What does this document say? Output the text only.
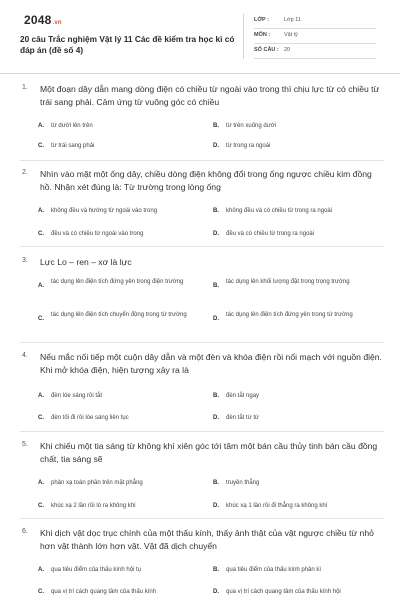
2048.vn
20 câu Trắc nghiệm Vật lý 11 Các đề kiểm tra học kì có đáp án (đề số 4)
LỚP :	Lớp 11
MÔN :	Vật lý
SỐ CÂU : 20
1. Một đoạn dây dẫn mang dòng điện có chiều từ ngoài vào trong thì chịu lực từ có chiều từ trái sang phải. Cảm ứng từ vuông góc có chiều
A. từ dưới lên trên	B. từ trên xuống dưới
C. từ trái sang phải	D. từ trong ra ngoài
2. Nhìn vào mặt một ống dây, chiều dòng điện không đổi trong ống ngược chiều kim đồng hồ. Nhận xét đúng là: Từ trường trong lòng ống
A. không đều và hướng từ ngoài vào trong	B. không đều và có chiều từ trong ra ngoài
C. đều và có chiều từ ngoài vào trong	D. đều và có chiều từ trong ra ngoài
3. Lực Lo – ren – xơ là lực
A.
tác dụng lên điện tích đứng yên trong điện trường
B.
tác dụng lên khối lượng đặt trong trọng trường
C.
tác dụng lên điện tích chuyển động trong từ trường
D.
tác dụng lên điện tích đứng yên trong từ trường
4. Nếu mắc nối tiếp một cuộn dây dẫn và một đèn và khóa điện rồi nối mạch với nguồn điện. Khi mở khóa điện, hiện tượng xảy ra là
A. đèn lóe sáng rồi tắt	B. đèn tắt ngay
C. đèn tối đi rồi lóe sáng liên tục	D. đèn tắt từ từ
5. Khi chiếu một tia sáng từ không khí xiên góc tới tâm một bán cầu thủy tinh bán cầu đồng chất, tia sáng sẽ
A. phản xạ toàn phần trên mặt phẳng	B. truyền thẳng
C. khúc xạ 2 lần rồi ló ra không khí	D. khúc xạ 1 lần rồi đi thẳng ra không khí
6. Khi dịch vật dọc trục chính của một thấu kính, thấy ảnh thật của vật ngược chiều từ nhỏ hơn vật thành lớn hơn vật. Vật đã dịch chuyển
A. qua tiêu điểm của thấu kính hội tụ	B. qua tiêu điểm của thấu kính phân kì
C. qua vị trí cách quang tâm của thấu kính	D. qua vị trí cách quang tâm của thấu kính hội
